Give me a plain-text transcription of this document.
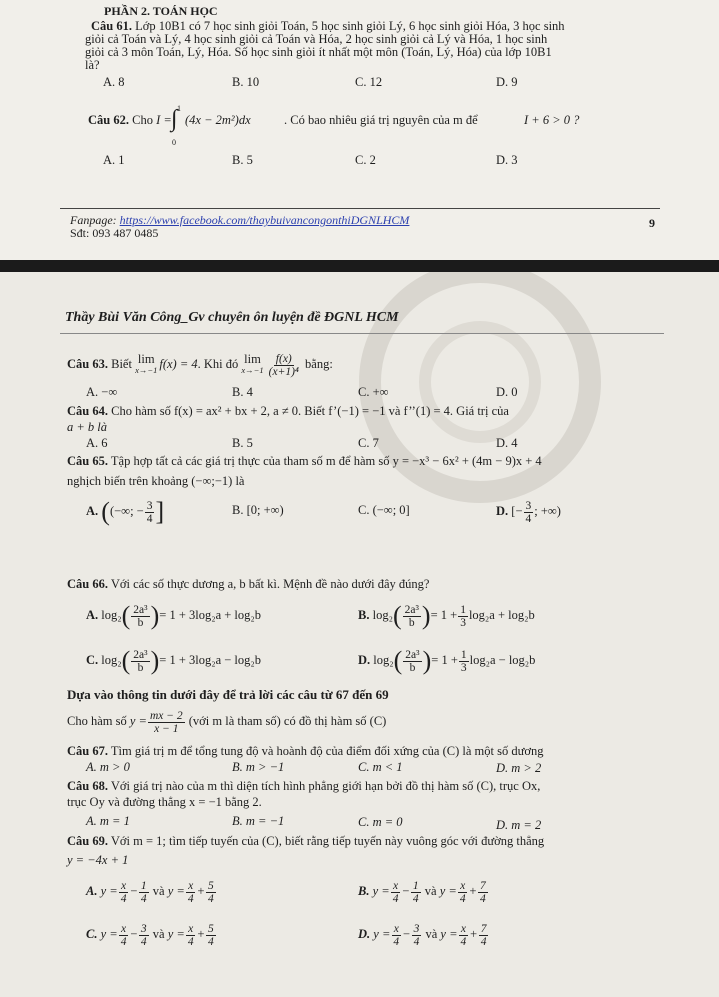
PHẦN 2. TOÁN HỌC
Câu 61. Lớp 10B1 có 7 học sinh giỏi Toán, 5 học sinh giỏi Lý, 6 học sinh giỏi Hóa, 3 học sinh
giỏi cả Toán và Lý, 4 học sinh giỏi cả Toán và Hóa, 2 học sinh giỏi cả Lý và Hóa, 1 học sinh
giỏi cả 3 môn Toán, Lý, Hóa. Số học sinh giỏi ít nhất một môn (Toán, Lý, Hóa) của lớp 10B1
là?
A. 8	B. 10	C. 12	D. 9
Câu 62. Cho I = ∫ 1
0
(4x − 2m²)dx	. Có bao nhiêu giá trị nguyên của m để	I + 6 > 0 ?
A. 1	B. 5	C. 2	D. 3
Fanpage: https://www.facebook.com/thaybuivancongonthiDGNLHCM
Sđt: 093 487 0485
9
Thầy Bùi Văn Công_Gv chuyên ôn luyện đề ĐGNL HCM
Câu 63. Biết lim
x→−1 f(x) = 4. Khi đó lim
$x\to-1 \frac{f(x)}{\text{(x+1)⁴}}$ bằng:
A. −∞	B. 4	C. +∞	D. 0
Câu 64. Cho hàm số f(x) = ax² + bx + 2, a ≠ 0. Biết f’(−1) = −1 và f’’(1) = 4. Giá trị của
a + b là
A. 6	B. 5	C. 7	D. 4
Câu 65. Tập hợp tất cả các giá trị thực của tham số m để hàm số y = −x³ − 6x² + (4m − 9)x + 4
nghịch biến trên khoảng (−∞;−1) là
A. ((−∞; − $\frac{3}{4}$ ]	B. [0; +∞)	C. (−∞; 0]	D. [− $\frac{3}{4}$ ; +∞)
Câu 66. Với các số thực dương a, b bất kì. Mệnh đề nào dưới đây đúng?
A. $\log_2( \frac{\text{2a³}}{b}$ )= 1 + 3log₂a + log₂b	B. $\log_2( \frac{\text{2a³}}{b}$ )= $1 + \frac{1}{3} \log_2a + \log_2b$
C. $\log_2( \frac{\text{2a³}}{b}$ )= 1 + 3log₂a − log₂b	D. $\log_2( \frac{\text{2a³}}{b}$ )= $1 + \frac{1}{3} \log_2a - \log_2b$
Dựa vào thông tin dưới đây để trả lời các câu từ 67 đến 69
Cho hàm số $y = \frac{mx - 2}{x - 1}$ (với m là tham số) có đồ thị hàm số (C)
Câu 67. Tìm giá trị m để tổng tung độ và hoành độ của điểm đối xứng của (C) là một số dương
A. m > 0	B. m > −1	C. m < 1	D. m > 2
Câu 68. Với giá trị nào của m thì diện tích hình phẳng giới hạn bởi đồ thị hàm số (C), trục Ox,
trục Oy và đường thẳng x = −1 bằng 2.
A. m = 1	B. m = −1	C. m = 0	D. m = 2
Câu 69. Với m = 1; tìm tiếp tuyến của (C), biết rằng tiếp tuyến này vuông góc với đường thẳng
y = −4x + 1
A. $y = \frac{x}{4} - \frac{1}{4}$ và $y = \frac{x}{4} + \frac{5}{4}$	B. $y = \frac{x}{4} - \frac{1}{4}$ và $y = \frac{x}{4} + \frac{7}{4}$
C. $y = \frac{x}{4} - \frac{3}{4}$ và $y = \frac{x}{4} + \frac{5}{4}$	D. $y = \frac{x}{4} - \frac{3}{4}$ và $y = \frac{x}{4} + \frac{7}{4}$
